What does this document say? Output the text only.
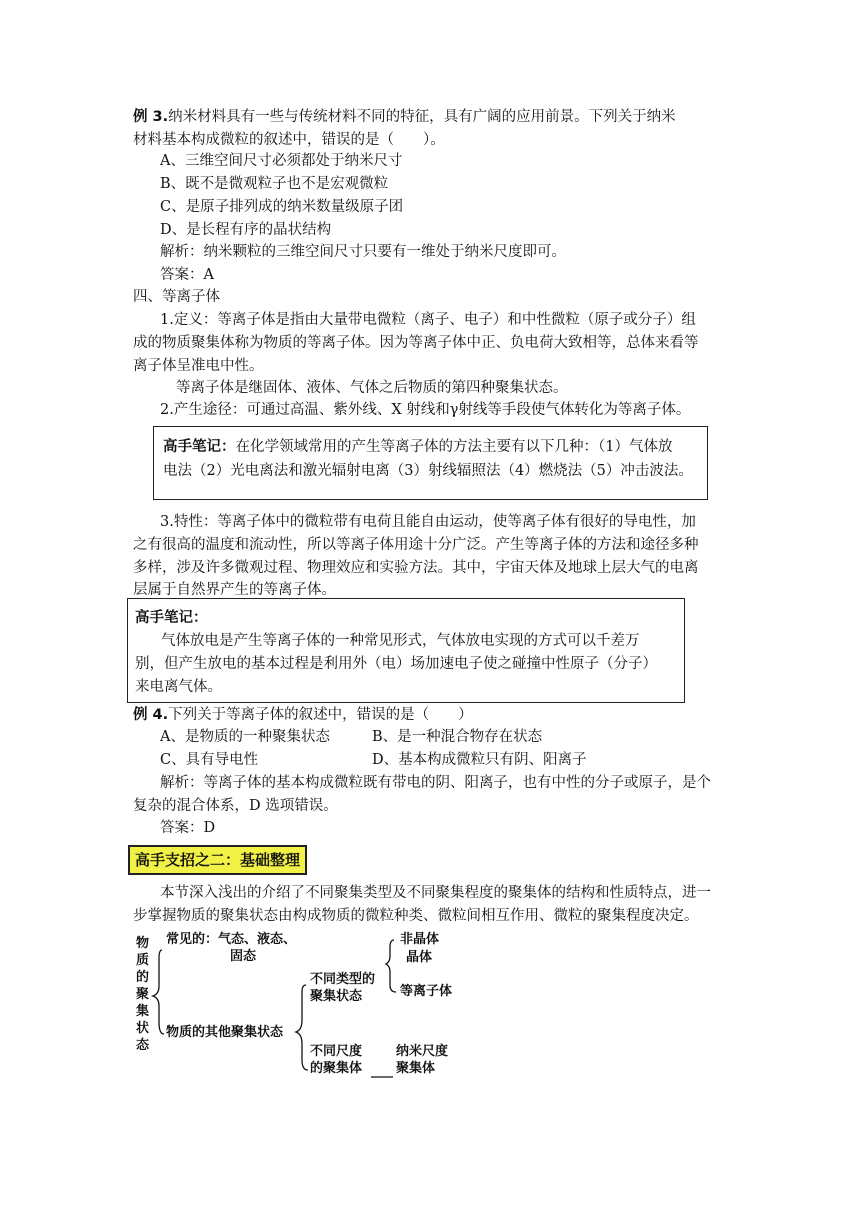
例 3.纳米材料具有一些与传统材料不同的特征，具有广阔的应用前景。下列关于纳米
材料基本构成微粒的叙述中，错误的是（　　）。
A、三维空间尺寸必须都处于纳米尺寸
B、既不是微观粒子也不是宏观微粒
C、是原子排列成的纳米数量级原子团
D、是长程有序的晶状结构
解析：纳米颗粒的三维空间尺寸只要有一维处于纳米尺度即可。
答案：A
四、等离子体
1.定义：等离子体是指由大量带电微粒（离子、电子）和中性微粒（原子或分子）组
成的物质聚集体称为物质的等离子体。因为等离子体中正、负电荷大致相等，总体来看等
离子体呈准电中性。
等离子体是继固体、液体、气体之后物质的第四种聚集状态。
2.产生途径：可通过高温、紫外线、X 射线和γ射线等手段使气体转化为等离子体。
高手笔记：在化学领域常用的产生等离子体的方法主要有以下几种：（1）气体放
电法（2）光电离法和激光辐射电离（3）射线辐照法（4）燃烧法（5）冲击波法。
3.特性：等离子体中的微粒带有电荷且能自由运动，使等离子体有很好的导电性，加
之有很高的温度和流动性，所以等离子体用途十分广泛。产生等离子体的方法和途径多种
多样，涉及许多微观过程、物理效应和实验方法。其中，宇宙天体及地球上层大气的电离
层属于自然界产生的等离子体。
高手笔记：
气体放电是产生等离子体的一种常见形式，气体放电实现的方式可以千差万
别，但产生放电的基本过程是利用外（电）场加速电子使之碰撞中性原子（分子）
来电离气体。
例 4.下列关于等离子体的叙述中，错误的是（　　）
A、是物质的一种聚集状态	B、是一种混合物存在状态
C、具有导电性	D、基本构成微粒只有阴、阳离子
解析：等离子体的基本构成微粒既有带电的阴、阳离子，也有中性的分子或原子，是个
复杂的混合体系，D 选项错误。
答案：D
高手支招之二：基础整理
本节深入浅出的介绍了不同聚集类型及不同聚集程度的聚集体的结构和性质特点，进一
步掌握物质的聚集状态由构成物质的微粒种类、微粒间相互作用、微粒的聚集程度决定。
物
质
的
聚
集
状
态
常见的：气态、液态、
固态
物质的其他聚集状态
不同类型的
聚集状态
非晶体
晶体
等离子体
不同尺度
的聚集体
纳米尺度
聚集体
